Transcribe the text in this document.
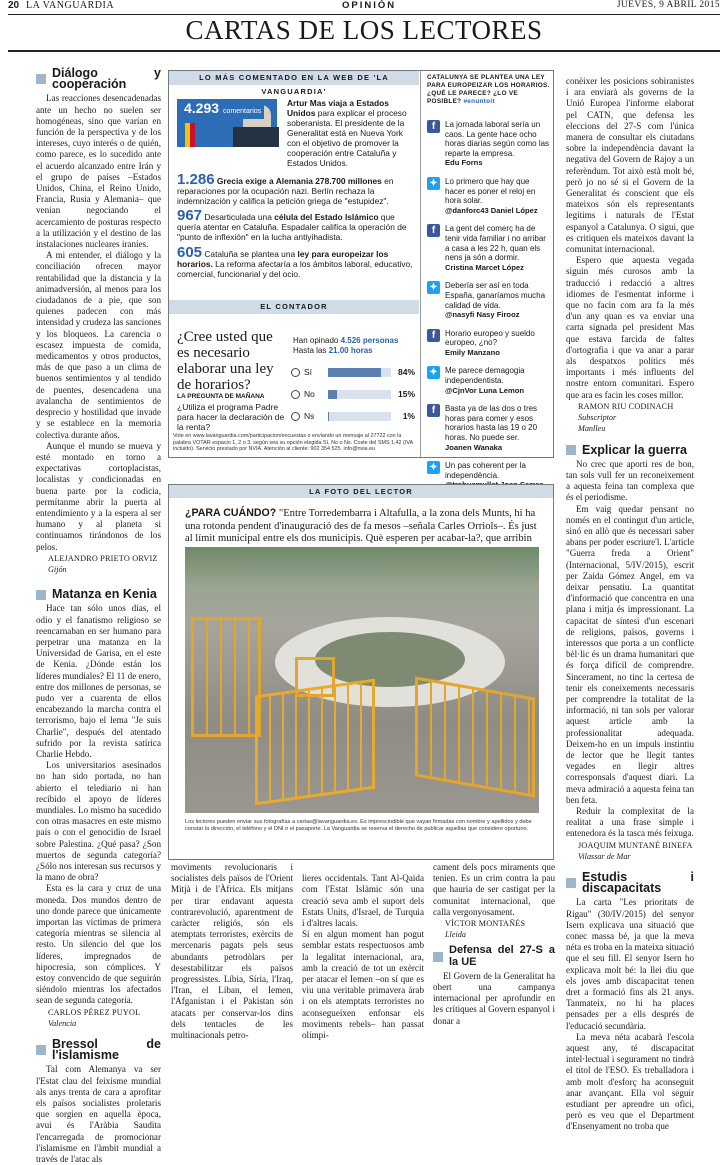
20 LA VANGUARDIA	OPINIÓN	JUEVES, 9 ABRIL 2015
CARTAS DE LOS LECTORES
Diálogo y cooperación

Las reacciones desencadenadas ante un hecho no suelen ser homogéneas, sino que varían en función de la perspectiva y de los intereses, cuyo interés o de quién, como parece, es lo sucedido ante el acuerdo alcanzado entre Irán y el grupo de países –Estados Unidos, China, el Reino Unido, Francia, Rusia y Alemania– que venían negociando el acercamiento de posturas respecto a la utilización y el destino de las instalaciones nucleares iraníes.

A mi entender, el diálogo y la conciliación ofrecen mayor rentabilidad que la distancia y la animadversión, al menos para los ciudadanos de a pie, que son quienes padecen con más intensidad y crudeza las sanciones y los bloqueos. La carencia o escasez impuesta de comida, medicamentos y otros productos, más de que paso a un clima de buenos sentimientos y al tendido de puentes, desencadena una avalancha de sentimientos de desprecio y hostilidad que invade y se establece en la memoria colectiva durante años.

Aunque el mundo se mueva y esté montado en torno a expectativas cortoplacistas, localistas y condicionadas en buena parte por la codicia, permítanme abrir la puerta al entendimiento y a la espera al ser humano y al planeta si continuamos tirándonos de los pelos.

ALEJANDRO PRIETO ORVIZ
Gijón
Matanza en Kenia

Hace tan sólo unos días, el odio y el fanatismo religioso se reencarnaban en ser humano para perpetrar una matanza en la Universidad de Garisa, en el este de Kenia. ¿Dónde están los líderes mundiales? El 11 de enero, entre dos millones de personas, se pudo ver a cuarenta de ellos encabezando la marcha contra el terrorismo, bajo el lema "Je suis Charlie", después del atentado sufrido por la revista satírica Charlie Hebdo.

Los universitarios asesinados no han sido portada, no han abierto el telediario ni han recibido el apoyo de líderes mundiales. Lo mismo ha sucedido con otras masacres en este mismo país o con el genocidio de Israel sobre Palestina. ¿Qué pasa? ¿Son muertos de segunda categoría? ¿Sólo nos interesan sus recursos y la mano de obra?

Esta es la cara y cruz de una moneda. Dos mundos dentro de uno donde parece que únicamente importan las víctimas de primera categoría mientras se silencia al resto. Un silencio del que los líderes, impregnados de hipocresía, son cómplices. Y estoy convencido de que seguirán siéndolo mientras los afectados sean de segunda categoría.

CARLOS PÉREZ PUYOL
Valencia
Bressol de l'islamisme

Tal com Alemanya va ser l'Estat clau del feixisme mundial als anys trenta de cara a aprofitar els països socialistes proletaris que sorgien en aquella època, avui és l'Aràbia Saudita l'encarregada de promocionar l'islamisme en l'àmbit mundial a través de l'atac als

LO MÁS COMENTADO EN LA WEB DE 'LA VANGUARDIA'
4.293 comentarios
Artur Mas viaja a Estados Unidos para explicar el proceso soberanista. El presidente de la Generalitat está en Nueva York con el objetivo de promover la cooperación entre Cataluña y Estados Unidos.
1.286 Grecia exige a Alemania 278.700 millones en reparaciones por la ocupación nazi. Berlín rechaza la indemnización y califica la petición griega de "estupidez".
967 Desarticulada una célula del Estado Islámico que quería atentar en Cataluña. Espadaler califica la operación de "punto de inflexión" en la lucha antiyihadista.
605 Cataluña se plantea una ley para europeizar los horarios. La reforma afectaría a los ámbitos laboral, educativo, comercial, funcionarial y del ocio.
EL CONTADOR
¿Cree usted que es necesario elaborar una ley de horarios?
Han opinado 4.526 personas
Hasta las 21.00 horas
Sí	84%
No	15%
Ns	1%
LA PREGUNTA DE MAÑANA
¿Utiliza el programa Padre para hacer la declaración de la renta?
Vote en www.lavanguardia.com/participacion/encuestas o enviando un mensaje al 27722 con la palabra VOTAR espacio 1, 2 o 3, según sea su opción elegida Sí, No o Ns. Coste del SMS 1,42 (IVA incluido). Servicio prestado por NVIA. Atención al cliente: 902 354 525. info@nvia.eu
CATALUNYA SE PLANTEA UNA LEY PARA EUROPEIZAR LOS HORARIOS. ¿QUÉ LE PARECE? ¿LO VE POSIBLE? #enuntoit
f	La jornada laboral sería un caos. La gente hace ocho horas diarias según como las reparte la empresa.
Edu Forns
✦ Lo primero que hay que hacer es poner el reloj en hora solar.
@danforc43 Daniel López
f	La gent del comerç ha de tenir vida familiar i no arribar a casa a les 22 h, quan els nens ja són a dormir.
Cristina Marcet López
✦ Debería ser así en toda España, ganaríamos mucha calidad de vida.
@nasyfi Nasy Firooz
f	Horario europeo y sueldo europeo, ¿no?
Emily Manzano
✦ Me parece demagogia independentista.
@CjnVor Luna Lemon
f	Basta ya de las dos o tres horas para comer y esos horarios hasta las 19 o 20 horas. No puede ser.
Joanen Wanaka
✦ Un pas coherent per la independència.
LA FOTO DEL LECTOR
¿PARA CUÁNDO? "Entre Torredembarra i Altafulla, a la zona dels Munts, hi ha una rotonda pendent d'inauguració des de fa mesos –señala Carles Orriols–. És just al límit municipal entre els dos municipis. Què esperen per acabar-la?, que arribin
Los lectores pueden enviar sus fotografías a cartas@lavanguardia.es. Es imprescindible que vayan firmadas con nombre y apellidos y debe constar la dirección, el teléfono y el DNI o el pasaporte. La Vanguardia se reserva el derecho de publicar aquellas que considere oportuno.

moviments revolucionaris i socialistes dels països de l'Orient Mitjà i de l'Àfrica. Els mitjans per tirar endavant aquesta contrarevolució, aparentment de caràcter religiós, són els atemptats terroristes, exèrcits de mercenaris pagats pels seus abundants petrodòlars per desestabilitzar els països progressistes. Líbia, Síria, l'Iraq, l'Iran, el Líban, el Iemen, l'Afganistan i el Pakistan són atacats per conservar-los dins dels tentacles de les multinacionals petro-

lieres occidentals. Tant Al-Qaida com l'Estat Islàmic són una creació seva amb el suport dels Estats Units, d'Israel, de Turquia i d'altres lacais.
Si en algun moment han pogut semblar estats respectuosos amb la legalitat internacional, ara, amb la creació de tot un exèrcit per atacar el Iemen –on sí que es viu una veritable primavera àrab i on els atemptats terroristes no aconsegueixen enfonsar els moviments rebels– han passat olímpi-

cament dels pocs miraments que tenien. Es un crim contra la pau que hauria de ser castigat per la comunitat internacional, que calla vergonyosament.

VÍCTOR MONTAÑÉS
Lleida
Defensa del 27-S a la UE

El Govern de la Generalitat ha obert una campanya internacional per aprofundir en les crítiques al Govern espanyol i donar a

conèixer les posicions sobiranistes i ara enviarà als governs de la Unió Europea l'informe elaborat pel CATN, que defensa les eleccions del 27-S com l'única manera de consultar els ciutadans sobre la independència davant la negativa del Govern de Rajoy a un referèndum. Tot això està molt bé, però jo no sé si el Govern de la Generalitat és conscient que els mateixos són els representants legítims i naturals de l'Estat espanyol a Catalunya. O sigui, que es critiquen els mateixos davant la comunitat internacional.

Espero que aquesta vegada siguin més curosos amb la traducció i redacció a altres idiomes de l'esmentat informe i que no facin com ara fa la més d'un any quan es va enviar una carta signada pel president Mas que estava farcida de faltes d'ortografia i que va anar a parar als despatxos polítics més importants i més influents del nostre entorn comunitari. Espero que ara es facin les coses millor.

RAMON RIU CODINACH
Subscriptor
Manlleu
Explicar la guerra

No crec que aporti res de bon, tan sols vull fer un reconeixement a aquesta feina tan complexa que és el periodisme.

Em vaig quedar pensant no només en el contingut d'un article, sinó en allò que és necessari saber abans per poder escriure'l. L'article "Guerra freda a Orient" (Internacional, 5/IV/2015), escrit per Zaida Gómez Angel, em va deixar pensatiu. La quantitat d'informació que concentra en una plana i mitja és impressionant. La capacitat de síntesi d'un escenari de religions, països, governs i interessos que porta a un conflicte bèl·lic és un drama humanitari que és força difícil de comprendre. Sincerament, no tinc la certesa de tenir els coneixements necessaris per comprendre la totalitat de la informació, ni tan sols per valorar aquest article amb la professionalitat adequada. Deixem-ho en un impuls instintiu de lector que he llegit tantes vegades en llegir altres corresponsals d'aquest diari. La meva admiració a aquesta feina tan ben feta.

Reduir la complexitat de la realitat a una frase simple i entenedora és la tasca més feixuga.

JOAQUIM MUNTANÉ BINEFA
Vilassar de Mar
Estudis i discapacitats

La carta "Les prioritats de Rigau" (30/IV/2015) del senyor Isern explicava una situació que conec massa bé, ja que la meva néta es troba en la mateixa situació que el seu fill. El senyor Isern ho explicava molt bé: la llei diu que els joves amb discapacitat tenen dret a formació fins als 21 anys. Tanmateix, no hi ha places pensades per a ells després de l'educació secundària.

La meva néta acabarà l'escola aquest any, té discapacitat intel·lectual i segurament no tindrà el títol de l'ESO. Es treballadora i amb molt d'esforç ha aconseguit anar avançant. Ella vol seguir estudiant per aprendre un ofici, però es veu que el Department d'Ensenyament no troba que
